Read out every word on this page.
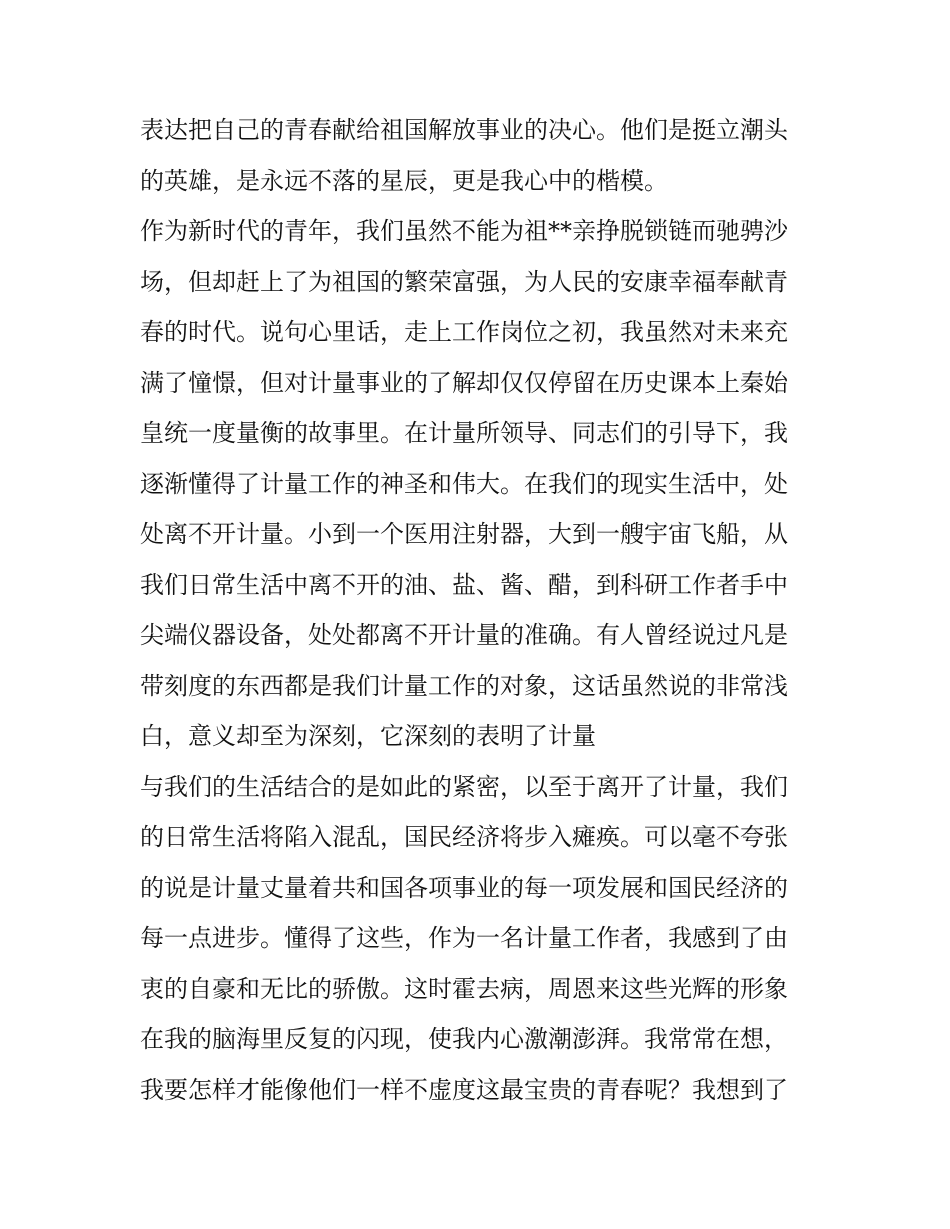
表达把自己的青春献给祖国解放事业的决心。他们是挺立潮头
的英雄，是永远不落的星辰，更是我心中的楷模。
作为新时代的青年，我们虽然不能为祖**亲挣脱锁链而驰骋沙
场，但却赶上了为祖国的繁荣富强，为人民的安康幸福奉献青
春的时代。说句心里话，走上工作岗位之初，我虽然对未来充
满了憧憬，但对计量事业的了解却仅仅停留在历史课本上秦始
皇统一度量衡的故事里。在计量所领导、同志们的引导下，我
逐渐懂得了计量工作的神圣和伟大。在我们的现实生活中，处
处离不开计量。小到一个医用注射器，大到一艘宇宙飞船，从
我们日常生活中离不开的油、盐、酱、醋，到科研工作者手中
尖端仪器设备，处处都离不开计量的准确。有人曾经说过凡是
带刻度的东西都是我们计量工作的对象，这话虽然说的非常浅
白，意义却至为深刻，它深刻的表明了计量
与我们的生活结合的是如此的紧密，以至于离开了计量，我们
的日常生活将陷入混乱，国民经济将步入瘫痪。可以毫不夸张
的说是计量丈量着共和国各项事业的每一项发展和国民经济的
每一点进步。懂得了这些，作为一名计量工作者，我感到了由
衷的自豪和无比的骄傲。这时霍去病，周恩来这些光辉的形象
在我的脑海里反复的闪现，使我内心激潮澎湃。我常常在想，
我要怎样才能像他们一样不虚度这最宝贵的青春呢？我想到了
